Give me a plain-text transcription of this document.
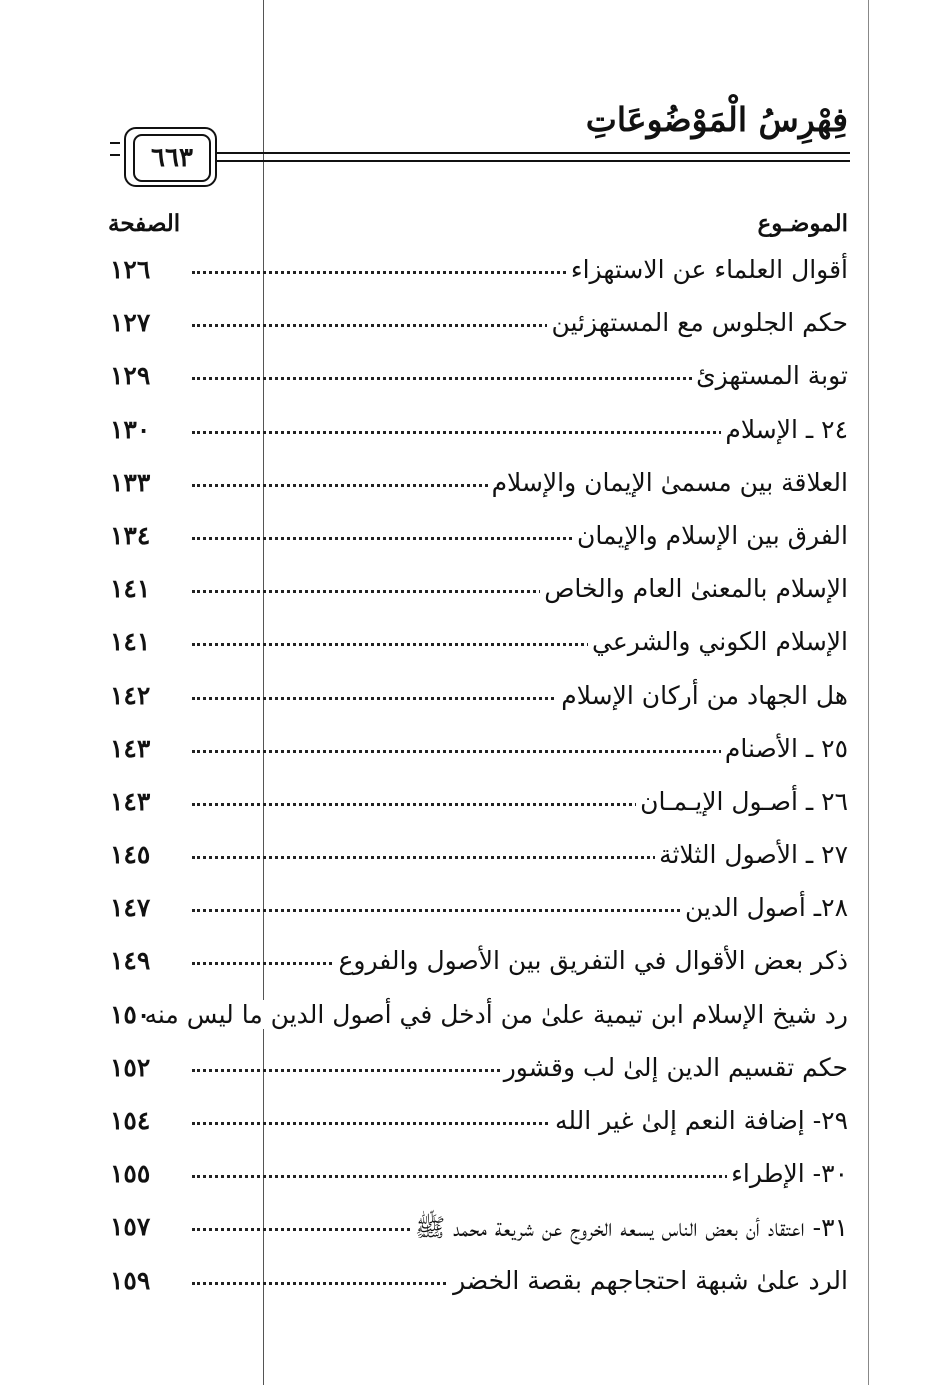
فِهْرِسُ الْمَوْضُوعَاتِ
٦٦٣
الموضـوع
الصفحة
أقوال العلماء عن الاستهزاء
١٢٦
حكم الجلوس مع المستهزئين
١٢٧
توبة المستهزئ
١٢٩
٢٤ ـ الإسلام
١٣٠
العلاقة بين مسمىٰ الإيمان والإسلام
١٣٣
الفرق بين الإسلام والإيمان
١٣٤
الإسلام بالمعنىٰ العام والخاص
١٤١
الإسلام الكوني والشرعي
١٤١
هل الجهاد من أركان الإسلام
١٤٢
٢٥ ـ الأصنام
١٤٣
٢٦ ـ أصـول الإيـمـان
١٤٣
٢٧ ـ الأصول الثلاثة
١٤٥
٢٨ـ أصول الدين
١٤٧
ذكر بعض الأقوال في التفريق بين الأصول والفروع
١٤٩
رد شيخ الإسلام ابن تيمية علىٰ من أدخل في أصول الدين ما ليس منه
١٥٠
حكم تقسيم الدين إلىٰ لب وقشور
١٥٢
٢٩- إضافة النعم إلىٰ غير الله
١٥٤
٣٠- الإطراء
١٥٥
٣١- اعتقاد أن بعض الناس يسعه الخروج عن شريعة محمد ﷺ
١٥٧
الرد علىٰ شبهة احتجاجهم بقصة الخضر
١٥٩
